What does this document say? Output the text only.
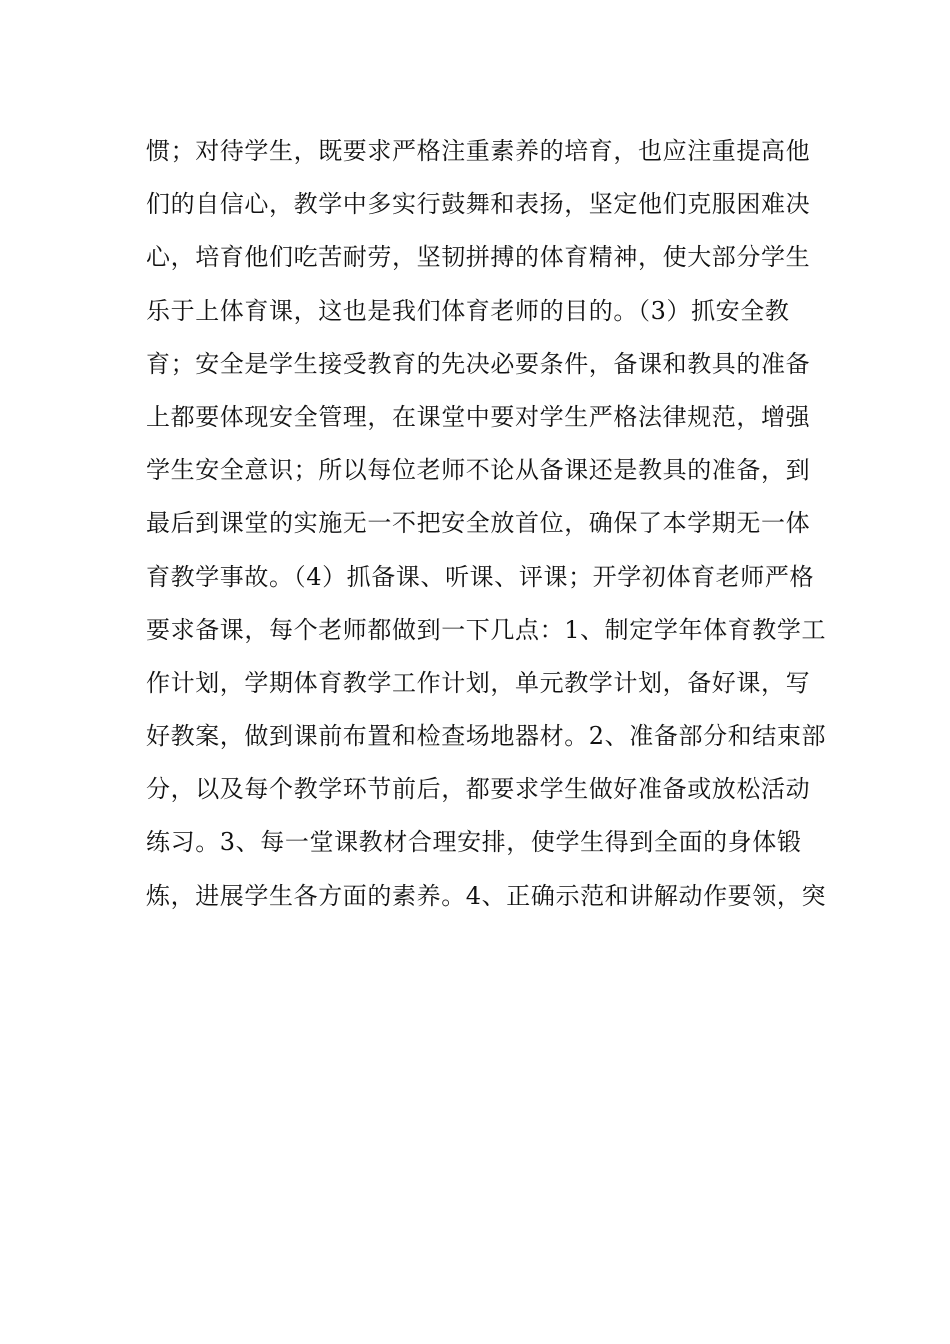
惯；对待学生，既要求严格注重素养的培育，也应注重提高他
们的自信心，教学中多实行鼓舞和表扬，坚定他们克服困难决
心，培育他们吃苦耐劳，坚韧拼搏的体育精神，使大部分学生
乐于上体育课，这也是我们体育老师的目的。（3）抓安全教
育；安全是学生接受教育的先决必要条件，备课和教具的准备
上都要体现安全管理，在课堂中要对学生严格法律规范，增强
学生安全意识；所以每位老师不论从备课还是教具的准备，到
最后到课堂的实施无一不把安全放首位，确保了本学期无一体
育教学事故。（4）抓备课、听课、评课；开学初体育老师严格
要求备课，每个老师都做到一下几点：1、制定学年体育教学工
作计划，学期体育教学工作计划，单元教学计划，备好课，写
好教案，做到课前布置和检查场地器材。2、准备部分和结束部
分，以及每个教学环节前后，都要求学生做好准备或放松活动
练习。3、每一堂课教材合理安排，使学生得到全面的身体锻
炼，进展学生各方面的素养。4、正确示范和讲解动作要领，突
